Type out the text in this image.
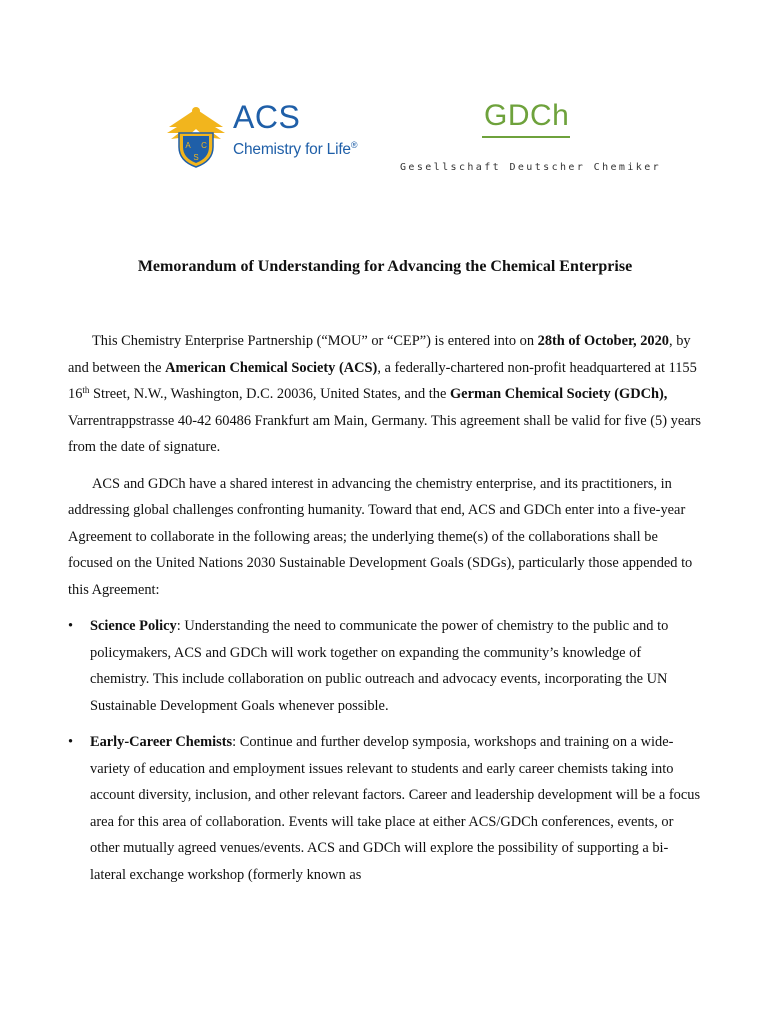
A C
S
ACS
Chemistry for Life®
GDCh
Gesellschaft Deutscher Chemiker
Memorandum of Understanding for Advancing the Chemical Enterprise

This Chemistry Enterprise Partnership (“MOU” or “CEP”) is entered into on 28th of October, 2020, by and between the American Chemical Society (ACS), a federally-chartered non-profit headquartered at 1155 16th Street, N.W., Washington, D.C. 20036, United States, and the German Chemical Society (GDCh), Varrentrappstrasse 40-42 60486 Frankfurt am Main, Germany. This agreement shall be valid for five (5) years from the date of signature.

ACS and GDCh have a shared interest in advancing the chemistry enterprise, and its practitioners, in addressing global challenges confronting humanity. Toward that end, ACS and GDCh enter into a five-year Agreement to collaborate in the following areas; the underlying theme(s) of the collaborations shall be focused on the United Nations 2030 Sustainable Development Goals (SDGs), particularly those appended to this Agreement:

• Science Policy: Understanding the need to communicate the power of chemistry to the public and to policymakers, ACS and GDCh will work together on expanding the community’s knowledge of chemistry. This include collaboration on public outreach and advocacy events, incorporating the UN Sustainable Development Goals whenever possible.
• Early-Career Chemists: Continue and further develop symposia, workshops and training on a wide-variety of education and employment issues relevant to students and early career chemists taking into account diversity, inclusion, and other relevant factors. Career and leadership development will be a focus area for this area of collaboration. Events will take place at either ACS/GDCh conferences, events, or other mutually agreed venues/events. ACS and GDCh will explore the possibility of supporting a bi-lateral exchange workshop (formerly known as
